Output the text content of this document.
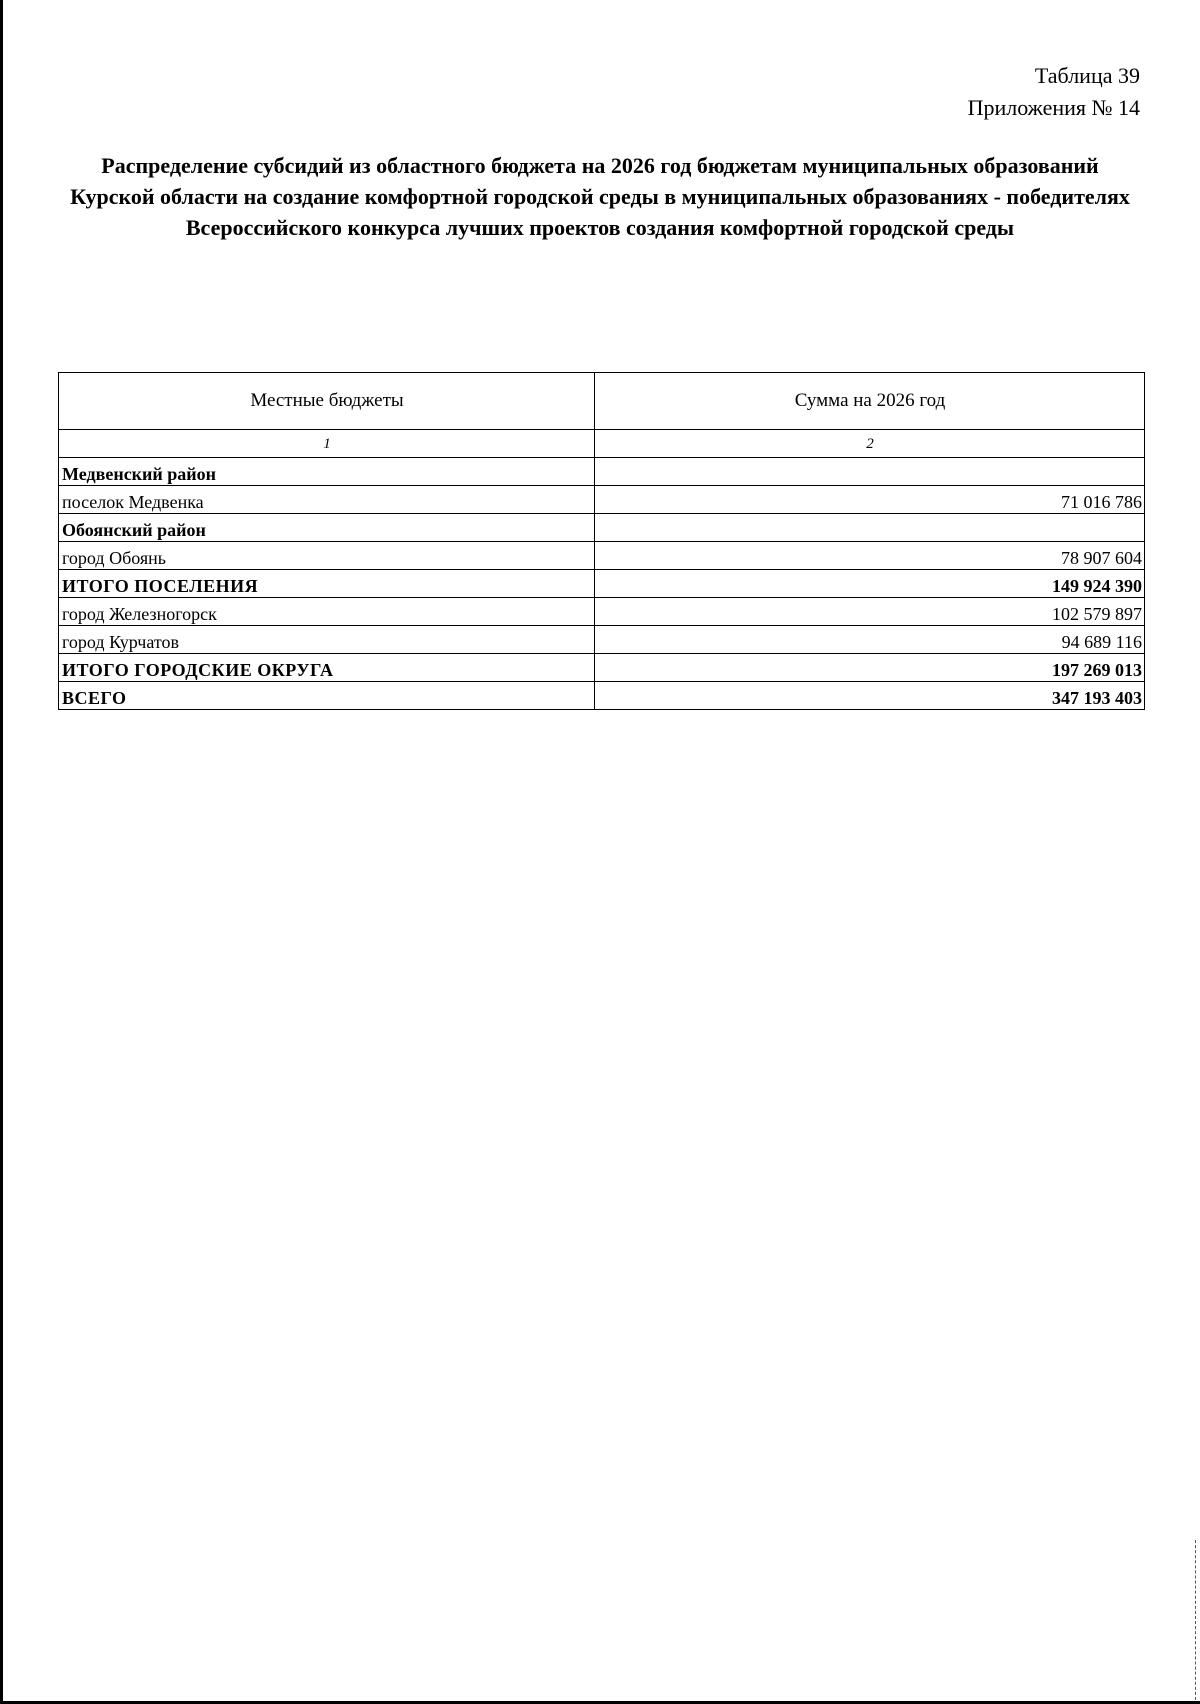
Таблица 39
Приложения № 14
Распределение субсидий из областного бюджета на 2026 год бюджетам муниципальных образований Курской области на создание комфортной городской среды в муниципальных образованиях - победителях Всероссийского конкурса лучших проектов создания комфортной городской среды
Местные бюджеты	Сумма на 2026 год
1	2
Медвенский район	
поселок Медвенка	71 016 786
Обоянский район	
город Обоянь	78 907 604
ИТОГО ПОСЕЛЕНИЯ	149 924 390
город Железногорск	102 579 897
город Курчатов	94 689 116
ИТОГО ГОРОДСКИЕ ОКРУГА	197 269 013
ВСЕГО	347 193 403
